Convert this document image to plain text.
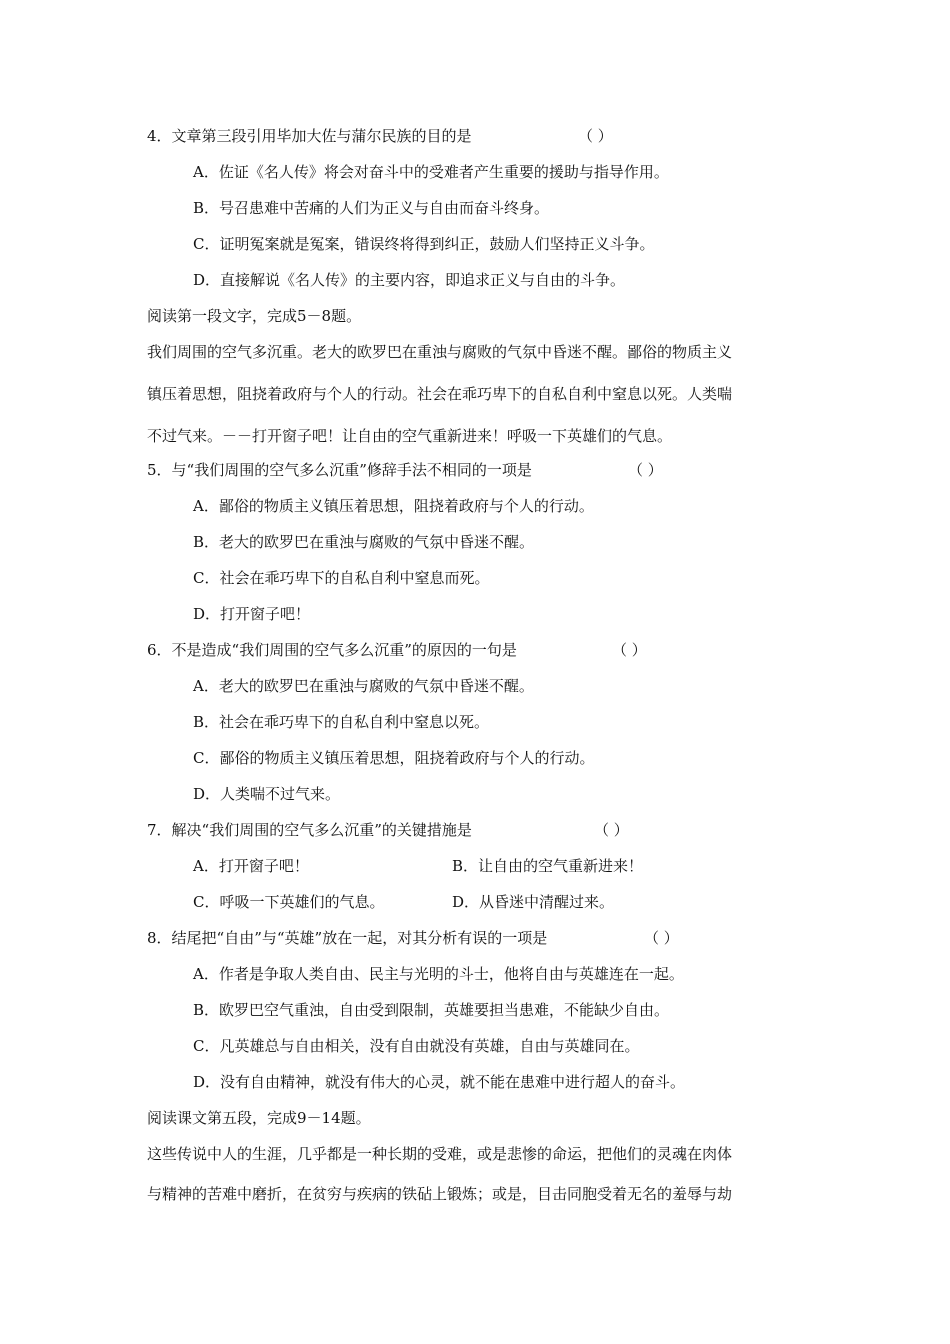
4．文章第三段引用毕加大佐与蒲尔民族的目的是	（ ）
A．佐证《名人传》将会对奋斗中的受难者产生重要的援助与指导作用。
B．号召患难中苦痛的人们为正义与自由而奋斗终身。
C．证明冤案就是冤案，错误终将得到纠正，鼓励人们坚持正义斗争。
D．直接解说《名人传》的主要内容，即追求正义与自由的斗争。
阅读第一段文字，完成5－8题。
我们周围的空气多沉重。老大的欧罗巴在重浊与腐败的气氛中昏迷不醒。鄙俗的物质主义
镇压着思想，阻挠着政府与个人的行动。社会在乖巧卑下的自私自利中窒息以死。人类喘
不过气来。－－打开窗子吧！让自由的空气重新进来！呼吸一下英雄们的气息。
5．与“我们周围的空气多么沉重”修辞手法不相同的一项是	（ ）
A．鄙俗的物质主义镇压着思想，阻挠着政府与个人的行动。
B．老大的欧罗巴在重浊与腐败的气氛中昏迷不醒。
C．社会在乖巧卑下的自私自利中窒息而死。
D．打开窗子吧！
6．不是造成“我们周围的空气多么沉重”的原因的一句是	（ ）
A．老大的欧罗巴在重浊与腐败的气氛中昏迷不醒。
B．社会在乖巧卑下的自私自利中窒息以死。
C．鄙俗的物质主义镇压着思想，阻挠着政府与个人的行动。
D．人类喘不过气来。
7．解决“我们周围的空气多么沉重”的关键措施是	（ ）
A．打开窗子吧！	B．让自由的空气重新进来！
C．呼吸一下英雄们的气息。	D．从昏迷中清醒过来。
8．结尾把“自由”与“英雄”放在一起，对其分析有误的一项是	（ ）
A．作者是争取人类自由、民主与光明的斗士，他将自由与英雄连在一起。
B．欧罗巴空气重浊，自由受到限制，英雄要担当患难，不能缺少自由。
C．凡英雄总与自由相关，没有自由就没有英雄，自由与英雄同在。
D．没有自由精神，就没有伟大的心灵，就不能在患难中进行超人的奋斗。
阅读课文第五段，完成9－14题。
这些传说中人的生涯，几乎都是一种长期的受难，或是悲惨的命运，把他们的灵魂在肉体
与精神的苦难中磨折，在贫穷与疾病的铁砧上锻炼；或是，目击同胞受着无名的羞辱与劫
